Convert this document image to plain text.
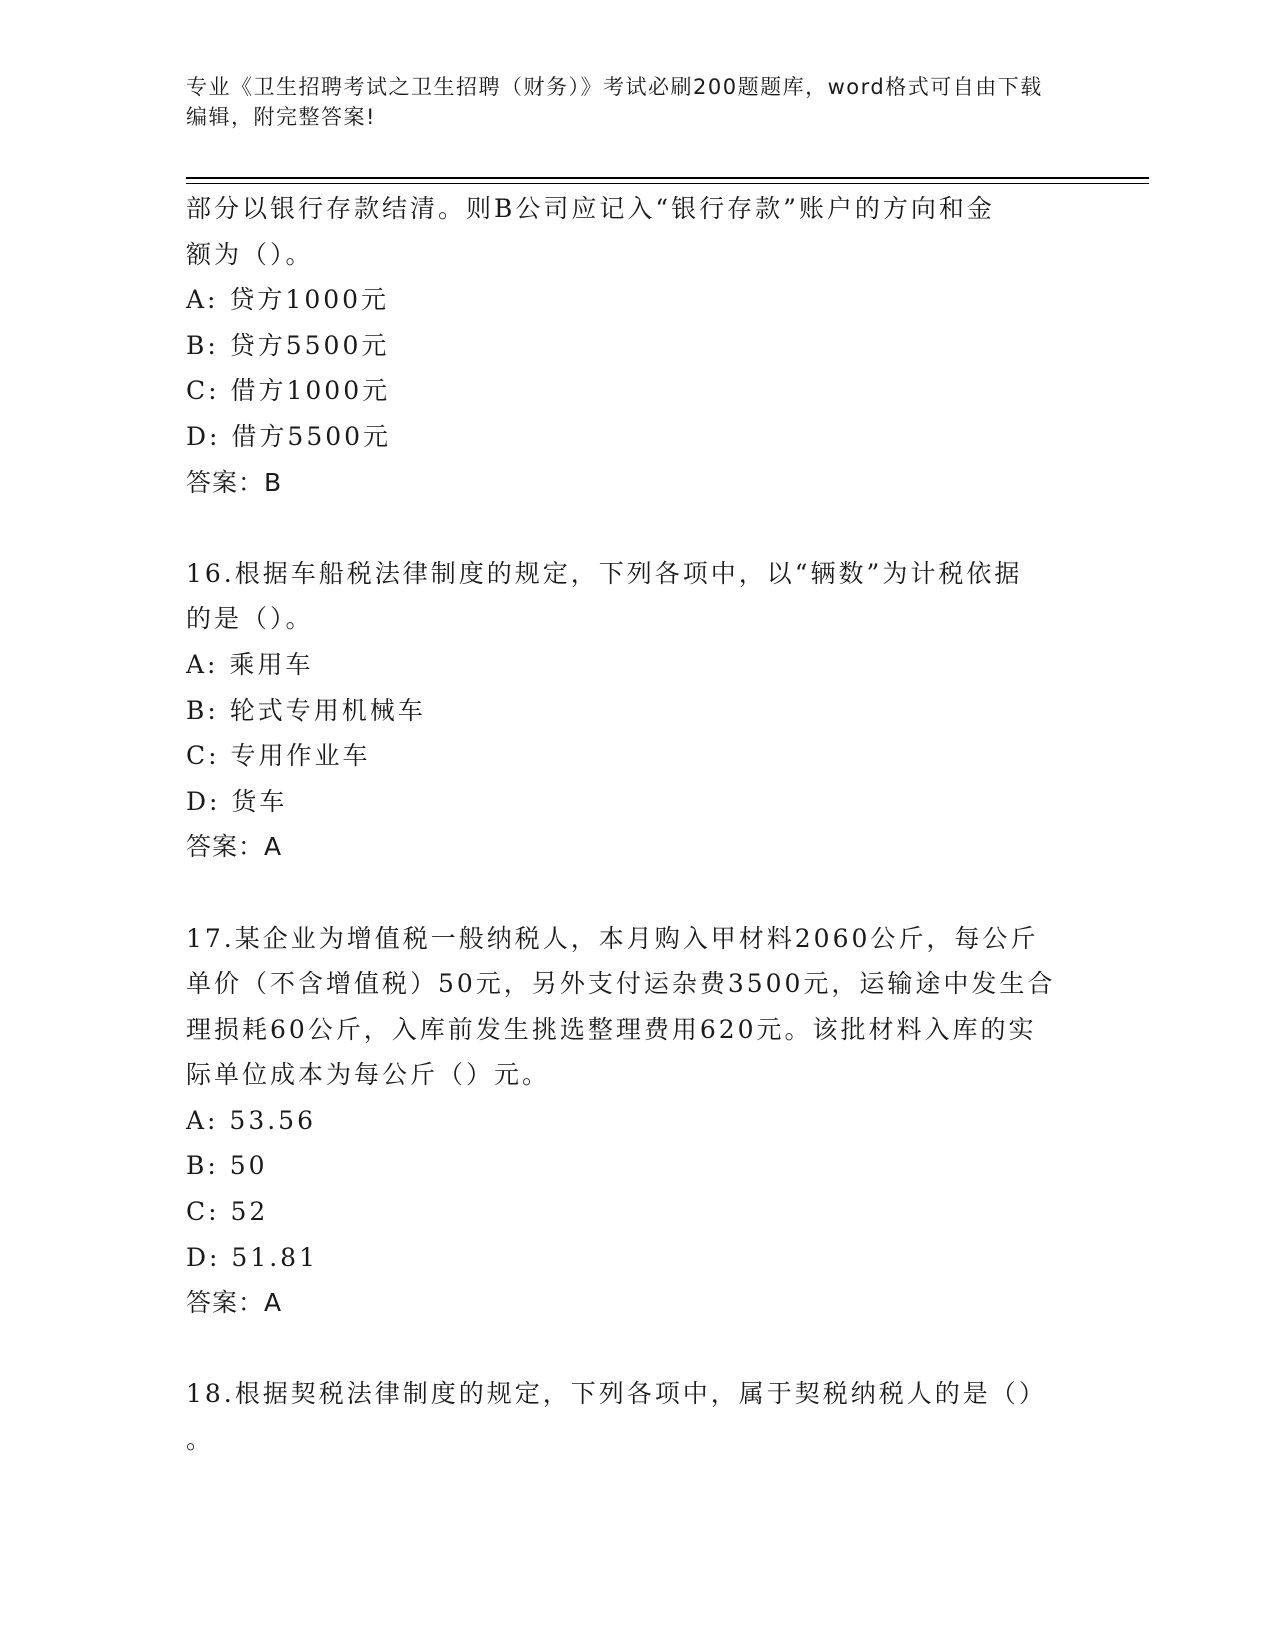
专业《卫生招聘考试之卫生招聘（财务）》考试必刷200题题库，word格式可自由下载编辑，附完整答案!

部分以银行存款结清。则B公司应记入“银行存款”账户的方向和金

额为（）。

A: 贷方1000元

B: 贷方5500元

C: 借方1000元

D: 借方5500元

答案：B

16.根据车船税法律制度的规定，下列各项中，以“辆数”为计税依据

的是（）。

A: 乘用车

B: 轮式专用机械车

C: 专用作业车

D: 货车

答案：A

17.某企业为增值税一般纳税人，本月购入甲材料2060公斤，每公斤

单价（不含增值税）50元，另外支付运杂费3500元，运输途中发生合

理损耗60公斤，入库前发生挑选整理费用620元。该批材料入库的实

际单位成本为每公斤（）元。

A: 53.56

B: 50

C: 52

D: 51.81

答案：A

18.根据契税法律制度的规定，下列各项中，属于契税纳税人的是（）

。
